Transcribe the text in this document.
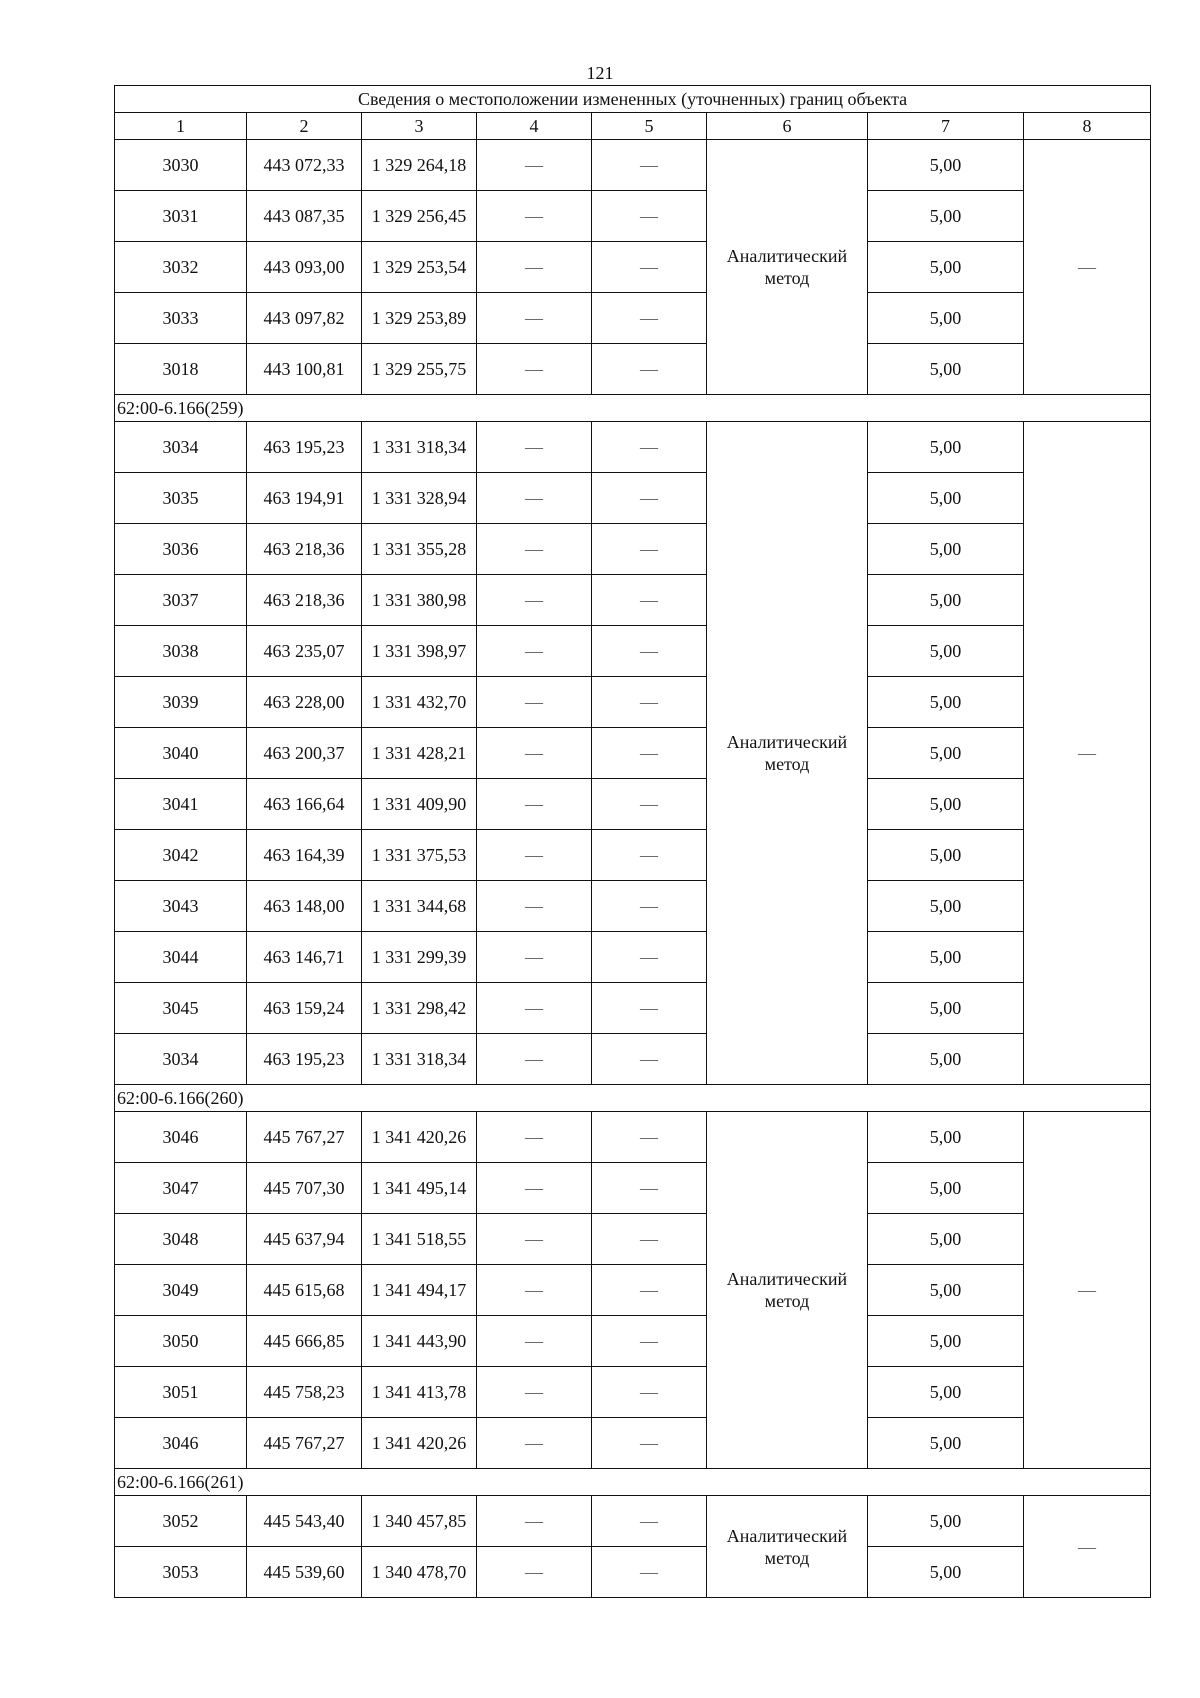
121
Сведения о местоположении измененных (уточненных) границ объекта							
1	2	3	4	5	6	7	8
3030	443 072,33	1 329 264,18	—	—	Аналитический метод	5,00	—
3031	443 087,35	1 329 256,45	—	—		5,00	
3032	443 093,00	1 329 253,54	—	—		5,00	
3033	443 097,82	1 329 253,89	—	—		5,00	
3018	443 100,81	1 329 255,75	—	—		5,00	
62:00-6.166(259)							
3034	463 195,23	1 331 318,34	—	—	Аналитический метод	5,00	—
3035	463 194,91	1 331 328,94	—	—		5,00	
3036	463 218,36	1 331 355,28	—	—		5,00	
3037	463 218,36	1 331 380,98	—	—		5,00	
3038	463 235,07	1 331 398,97	—	—		5,00	
3039	463 228,00	1 331 432,70	—	—		5,00	
3040	463 200,37	1 331 428,21	—	—		5,00	
3041	463 166,64	1 331 409,90	—	—		5,00	
3042	463 164,39	1 331 375,53	—	—		5,00	
3043	463 148,00	1 331 344,68	—	—		5,00	
3044	463 146,71	1 331 299,39	—	—		5,00	
3045	463 159,24	1 331 298,42	—	—		5,00	
3034	463 195,23	1 331 318,34	—	—		5,00	
62:00-6.166(260)							
3046	445 767,27	1 341 420,26	—	—	Аналитический метод	5,00	—
3047	445 707,30	1 341 495,14	—	—		5,00	
3048	445 637,94	1 341 518,55	—	—		5,00	
3049	445 615,68	1 341 494,17	—	—		5,00	
3050	445 666,85	1 341 443,90	—	—		5,00	
3051	445 758,23	1 341 413,78	—	—		5,00	
3046	445 767,27	1 341 420,26	—	—		5,00	
62:00-6.166(261)							
3052	445 543,40	1 340 457,85	—	—	Аналитический метод	5,00	—
3053	445 539,60	1 340 478,70	—	—		5,00	
